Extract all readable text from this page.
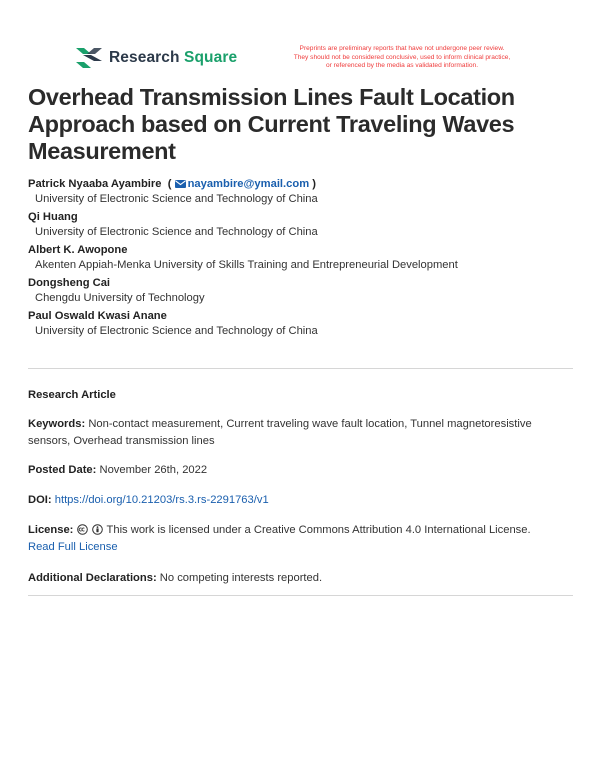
Research Square
Preprints are preliminary reports that have not undergone peer review.
They should not be considered conclusive, used to inform clinical practice,
or referenced by the media as validated information.
Overhead Transmission Lines Fault Location Approach based on Current Traveling Waves Measurement
Patrick Nyaaba Ayambire  ( nayambire@ymail.com )
University of Electronic Science and Technology of China
Qi Huang
University of Electronic Science and Technology of China
Albert K. Awopone
Akenten Appiah-Menka University of Skills Training and Entrepreneurial Development
Dongsheng Cai
Chengdu University of Technology
Paul Oswald Kwasi Anane
University of Electronic Science and Technology of China
Research Article
Keywords: Non-contact measurement, Current traveling wave fault location, Tunnel magnetoresistive sensors, Overhead transmission lines
Posted Date: November 26th, 2022
DOI: https://doi.org/10.21203/rs.3.rs-2291763/v1
License:	This work is licensed under a Creative Commons Attribution 4.0 International License.
Read Full License
Additional Declarations: No competing interests reported.
